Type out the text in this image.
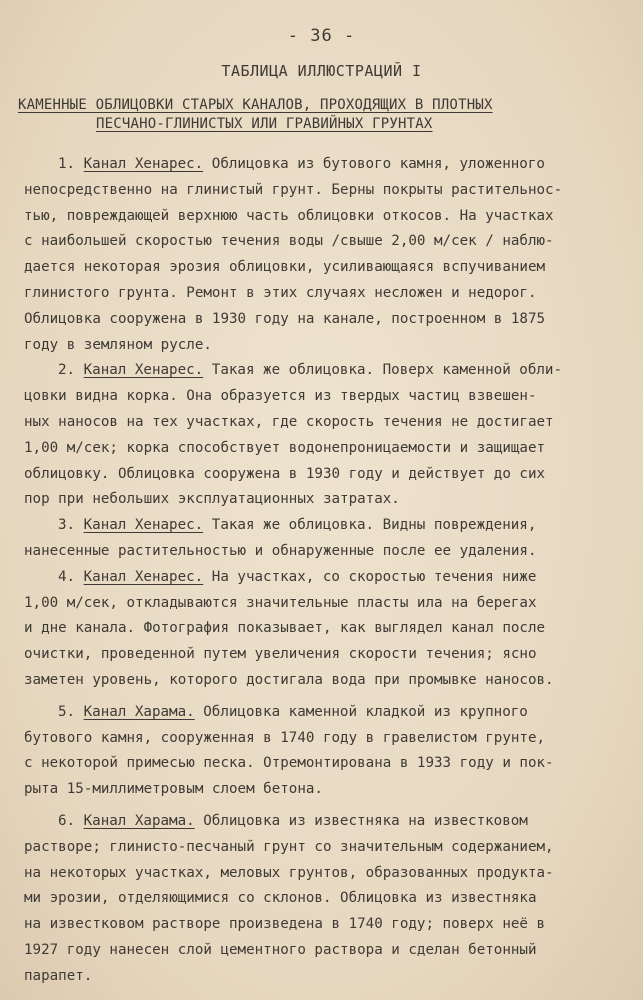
- 36 -
ТАБЛИЦА ИЛЛЮСТРАЦИЙ I
КАМЕННЫЕ ОБЛИЦОВКИ СТАРЫХ КАНАЛОВ, ПРОХОДЯЩИХ В ПЛОТНЫХ
ПЕСЧАНО-ГЛИНИСТЫХ ИЛИ ГРАВИЙНЫХ ГРУНТАХ
1. Канал Хенарес. Облицовка из бутового камня, уложенного
непосредственно на глинистый грунт. Берны покрыты растительнос-
тью, повреждающей верхнюю часть облицовки откосов. На участках
с наибольшей скоростью течения воды /свыше 2,00 м/сек / наблю-
дается некоторая эрозия облицовки, усиливающаяся вспучиванием
глинистого грунта. Ремонт в этих случаях несложен и недорог.
Облицовка сооружена в 1930 году на канале, построенном в 1875
году в земляном русле.
2. Канал Хенарес. Такая же облицовка. Поверх каменной обли-
цовки видна корка. Она образуется из твердых частиц взвешен-
ных наносов на тех участках, где скорость течения не достигает
1,00 м/сек; корка способствует водонепроницаемости и защищает
облицовку. Облицовка сооружена в 1930 году и действует до сих
пор при небольших эксплуатационных затратах.
3. Канал Хенарес. Такая же облицовка. Видны повреждения,
нанесенные растительностью и обнаруженные после ее удаления.
4. Канал Хенарес. На участках, со скоростью течения ниже
1,00 м/сек, откладываются значительные пласты ила на берегах
и дне канала. Фотография показывает, как выглядел канал после
очистки, проведенной путем увеличения скорости течения; ясно
заметен уровень, которого достигала вода при промывке наносов.
5. Канал Харама. Облицовка каменной кладкой из крупного
бутового камня, сооруженная в 1740 году в гравелистом грунте,
с некоторой примесью песка. Отремонтирована в 1933 году и пок-
рыта 15-миллиметровым слоем бетона.
6. Канал Харама. Облицовка из известняка на известковом
растворе; глинисто-песчаный грунт со значительным содержанием,
на некоторых участках, меловых грунтов, образованных продукта-
ми эрозии, отделяющимися со склонов. Облицовка из известняка
на известковом растворе произведена в 1740 году; поверх неё в
1927 году нанесен слой цементного раствора и сделан бетонный
парапет.
